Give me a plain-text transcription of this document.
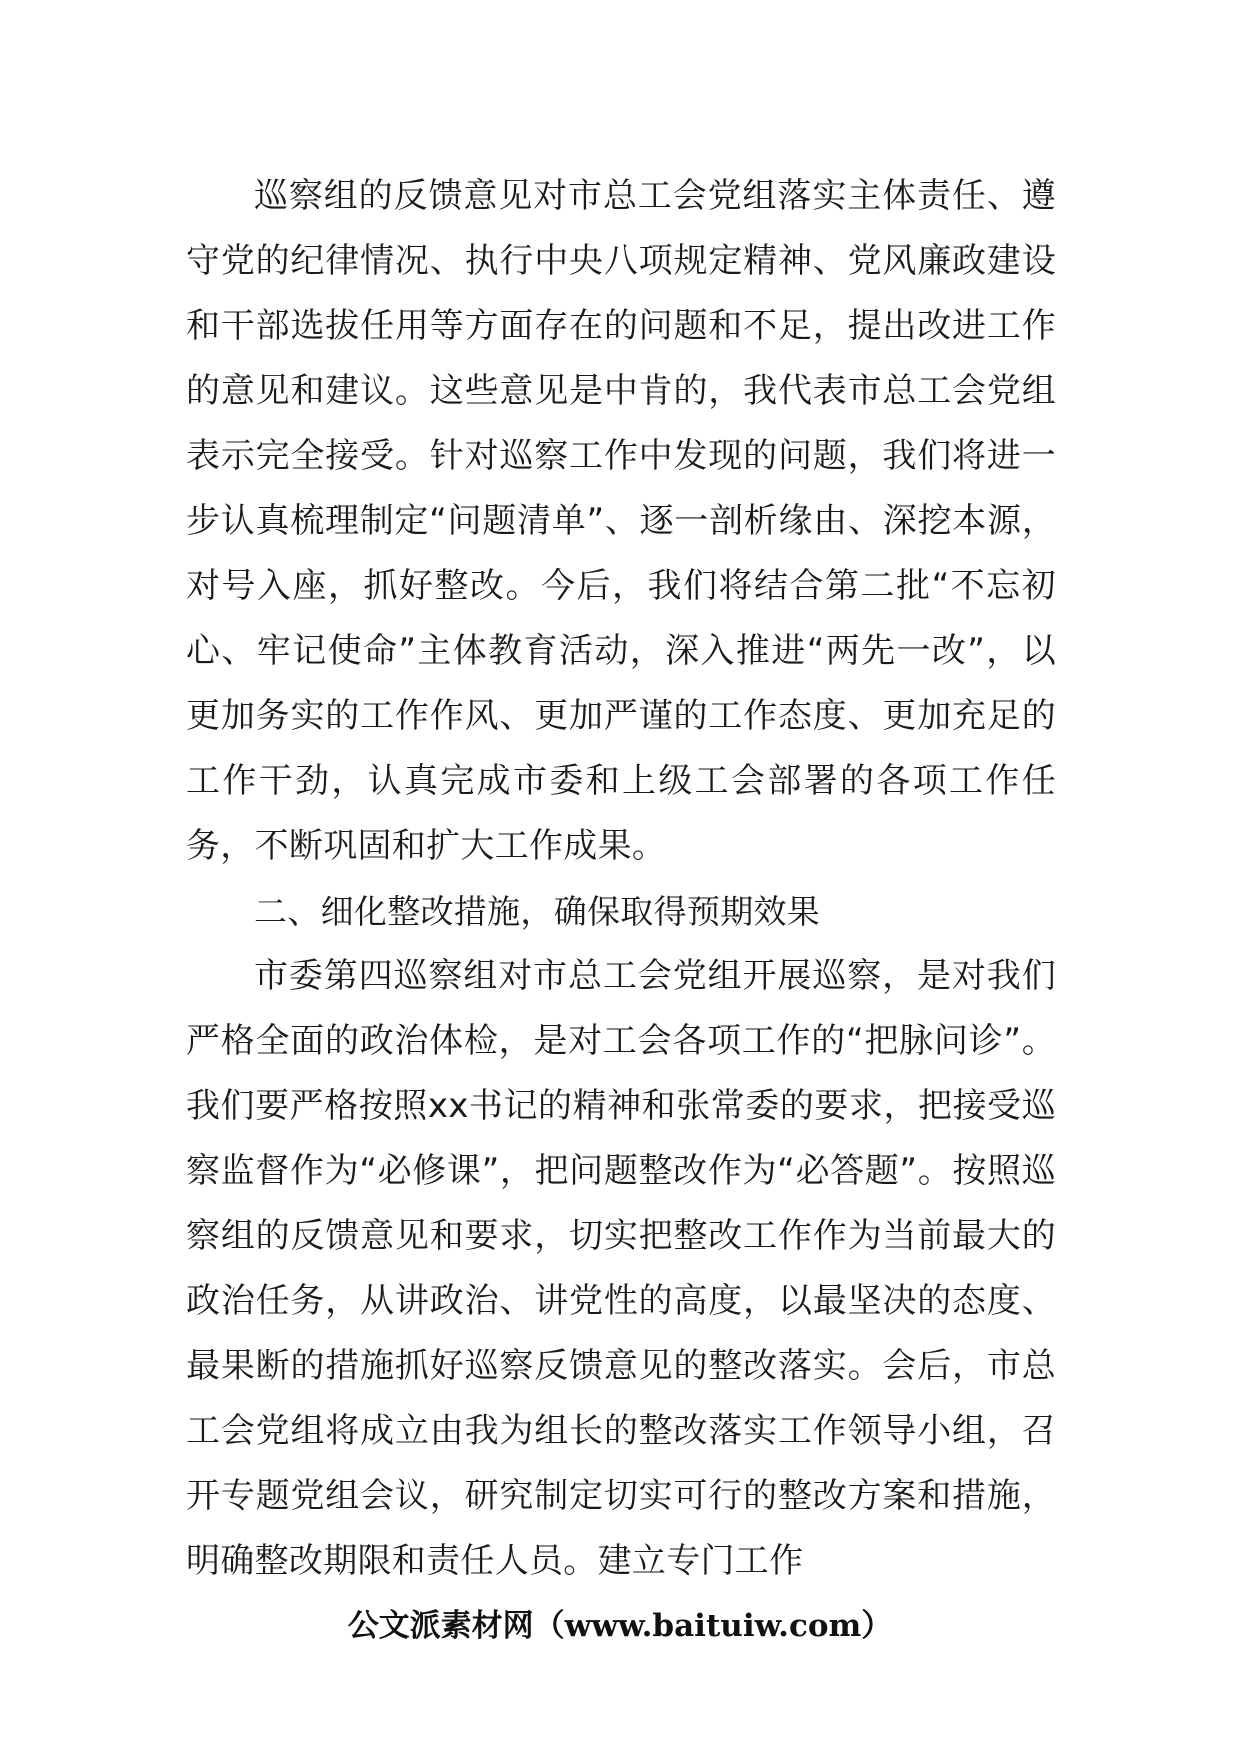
巡察组的反馈意见对市总工会党组落实主体责任、遵守党的纪律情况、执行中央八项规定精神、党风廉政建设和干部选拔任用等方面存在的问题和不足，提出改进工作的意见和建议。这些意见是中肯的，我代表市总工会党组表示完全接受。针对巡察工作中发现的问题，我们将进一步认真梳理制定“问题清单”、逐一剖析缘由、深挖本源，对号入座，抓好整改。今后，我们将结合第二批“不忘初心、牢记使命”主体教育活动，深入推进“两先一改”，以更加务实的工作作风、更加严谨的工作态度、更加充足的工作干劲，认真完成市委和上级工会部署的各项工作任务，不断巩固和扩大工作成果。

二、细化整改措施，确保取得预期效果

市委第四巡察组对市总工会党组开展巡察，是对我们严格全面的政治体检，是对工会各项工作的“把脉问诊”。我们要严格按照xx书记的精神和张常委的要求，把接受巡察监督作为“必修课”，把问题整改作为“必答题”。按照巡察组的反馈意见和要求，切实把整改工作作为当前最大的政治任务，从讲政治、讲党性的高度，以最坚决的态度、最果断的措施抓好巡察反馈意见的整改落实。会后，市总工会党组将成立由我为组长的整改落实工作领导小组，召开专题党组会议，研究制定切实可行的整改方案和措施，明确整改期限和责任人员。建立专门工作

公文派素材网（www.baituiw.com）
